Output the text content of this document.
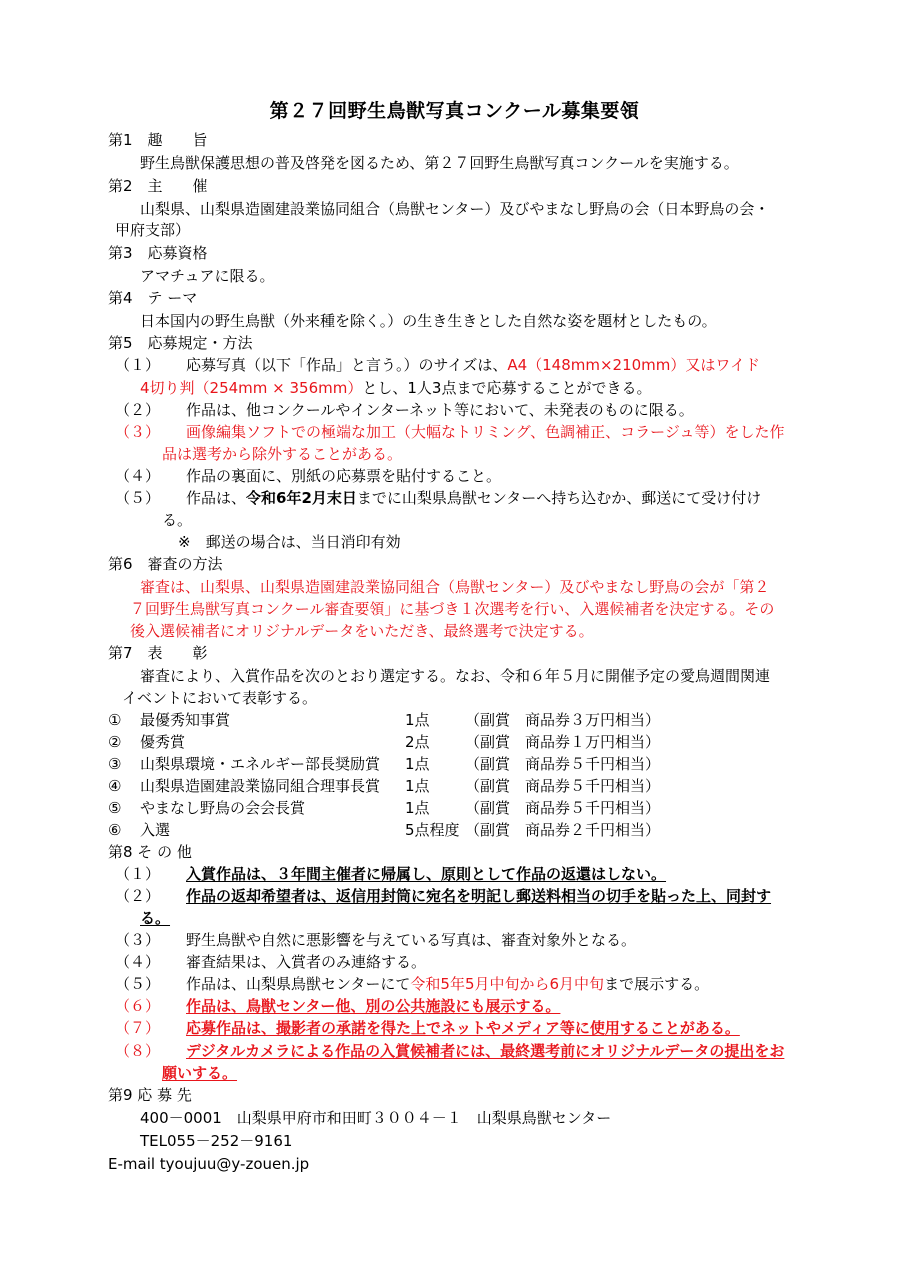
第２７回野生鳥獣写真コンクール募集要領
第1　趣　　旨
野生鳥獣保護思想の普及啓発を図るため、第２７回野生鳥獣写真コンクールを実施する。
第2　主　　催
山梨県、山梨県造園建設業協同組合（鳥獣センター）及びやまなし野鳥の会（日本野鳥の会・
甲府支部）
第3　応募資格
アマチュアに限る。
第4　テ ーマ
日本国内の野生鳥獣（外来種を除く。）の生き生きとした自然な姿を題材としたもの。
第5　応募規定・方法
（１） 応募写真（以下「作品」と言う。）のサイズは、A4（148mm×210mm）又はワイド
4切り判（254mm × 356mm）とし、1人3点まで応募することができる。
（２） 作品は、他コンクールやインターネット等において、未発表のものに限る。
（３） 画像編集ソフトでの極端な加工（大幅なトリミング、色調補正、コラージュ等）をした作
品は選考から除外することがある。
（４） 作品の裏面に、別紙の応募票を貼付すること。
（５） 作品は、令和6年2月末日までに山梨県鳥獣センターへ持ち込むか、郵送にて受け付け
る。
※　郵送の場合は、当日消印有効
第6　審査の方法
審査は、山梨県、山梨県造園建設業協同組合（鳥獣センター）及びやまなし野鳥の会が「第２
７回野生鳥獣写真コンクール審査要領」に基づき１次選考を行い、入選候補者を決定する。その
後入選候補者にオリジナルデータをいただき、最終選考で決定する。
第7　表　　彰
審査により、入賞作品を次のとおり選定する。なお、令和６年５月に開催予定の愛鳥週間関連
イベントにおいて表彰する。
① 最優秀知事賞	1点 （副賞　商品券３万円相当）
② 優秀賞	2点 （副賞　商品券１万円相当）
③ 山梨県環境・エネルギー部長奨励賞 1点 （副賞　商品券５千円相当）
④ 山梨県造園建設業協同組合理事長賞 1点 （副賞　商品券５千円相当）
⑤ やまなし野鳥の会会長賞	1点 （副賞　商品券５千円相当）
⑥ 入選	5点程度 （副賞　商品券２千円相当）
第8 そ の 他
（１） 入賞作品は、３年間主催者に帰属し、原則として作品の返還はしない。
（２） 作品の返却希望者は、返信用封筒に宛名を明記し郵送料相当の切手を貼った上、同封す
る。
（３） 野生鳥獣や自然に悪影響を与えている写真は、審査対象外となる。
（４） 審査結果は、入賞者のみ連絡する。
（５） 作品は、山梨県鳥獣センターにて令和5年5月中旬から6月中旬まで展示する。
（６） 作品は、鳥獣センター他、別の公共施設にも展示する。
（７） 応募作品は、撮影者の承諾を得た上でネットやメディア等に使用することがある。
（８） デジタルカメラによる作品の入賞候補者には、最終選考前にオリジナルデータの提出をお
願いする。
第9 応 募 先
400－0001　山梨県甲府市和田町３００４－１　山梨県鳥獣センター
TEL055－252－9161
E-mail tyoujuu@y-zouen.jp
